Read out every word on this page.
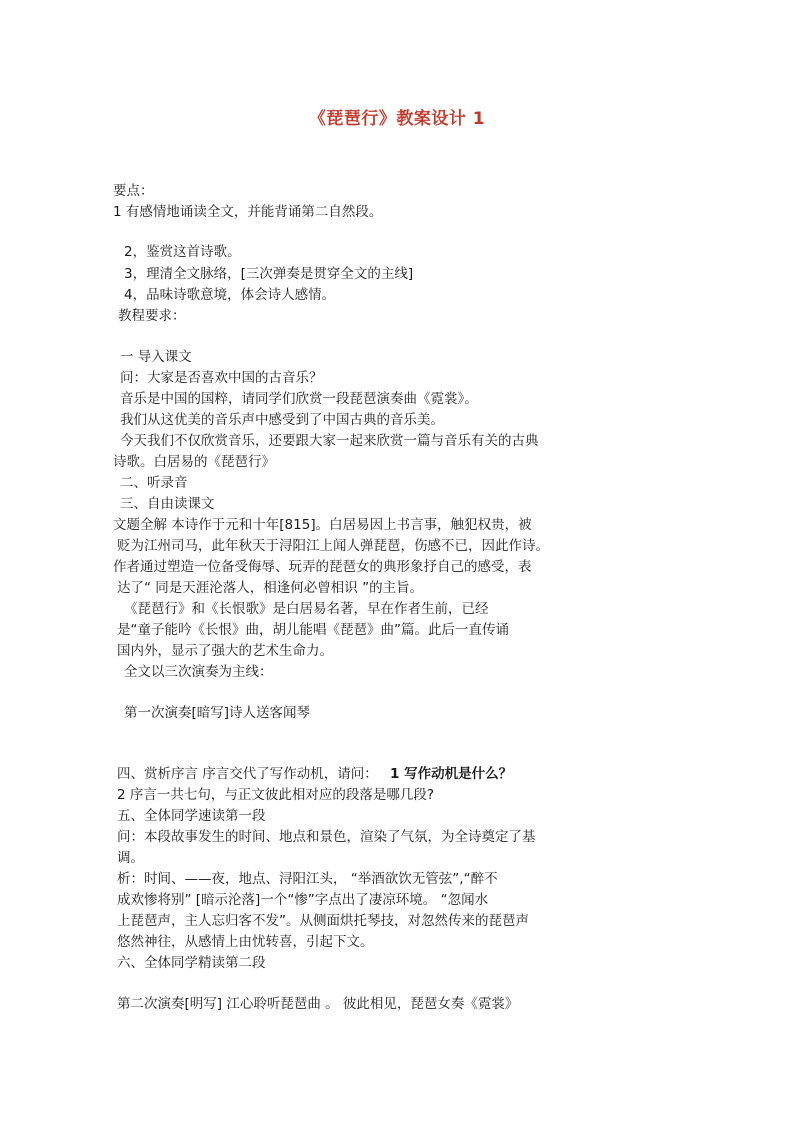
《琵琶行》教案设计 1
要点：
1 有感情地诵读全文，并能背诵第二自然段。
2，鉴赏这首诗歌。
3，理清全文脉络，[三次弹奏是贯穿全文的主线]
4，品味诗歌意境，体会诗人感情。
教程要求：
一 导入课文
问：大家是否喜欢中国的古音乐？
音乐是中国的国粹，请同学们欣赏一段琵琶演奏曲《霓裳》。
我们从这优美的音乐声中感受到了中国古典的音乐美。
今天我们不仅欣赏音乐，还要跟大家一起来欣赏一篇与音乐有关的古典
诗歌。白居易的《琵琶行》
二、听录音
三、自由读课文
文题全解 本诗作于元和十年[815]。白居易因上书言事，触犯权贵，被
贬为江州司马，此年秋天于浔阳江上闻人弹琵琶，伤感不已，因此作诗。
作者通过塑造一位备受侮辱、玩弄的琵琶女的典形象抒自己的感受，表
达了“ 同是天涯沦落人，相逢何必曾相识 ”的主旨。
《琵琶行》和《长恨歌》是白居易名著，早在作者生前，已经
是“童子能吟《长恨》曲，胡儿能唱《琵琶》曲”篇。此后一直传诵
国内外，显示了强大的艺术生命力。
全文以三次演奏为主线：
第一次演奏[暗写]诗人送客闻琴
四、赏析序言 序言交代了写作动机，请问： 1 写作动机是什么？
2 序言一共七句，与正文彼此相对应的段落是哪几段?
五、全体同学速读第一段
问：本段故事发生的时间、地点和景色，渲染了气氛，为全诗奠定了基
调。
析：时间、——夜，地点、浔阳江头， “举酒欲饮无管弦”,“醉不
成欢惨将别” [暗示沦落]一个“惨”字点出了凄凉环境。 “忽闻水
上琵琶声，主人忘归客不发”。从侧面烘托琴技，对忽然传来的琵琶声
悠然神往，从感情上由忧转喜，引起下文。
六、全体同学精读第二段
第二次演奏[明写] 江心聆听琵琶曲 。 彼此相见，琵琶女奏《霓裳》
